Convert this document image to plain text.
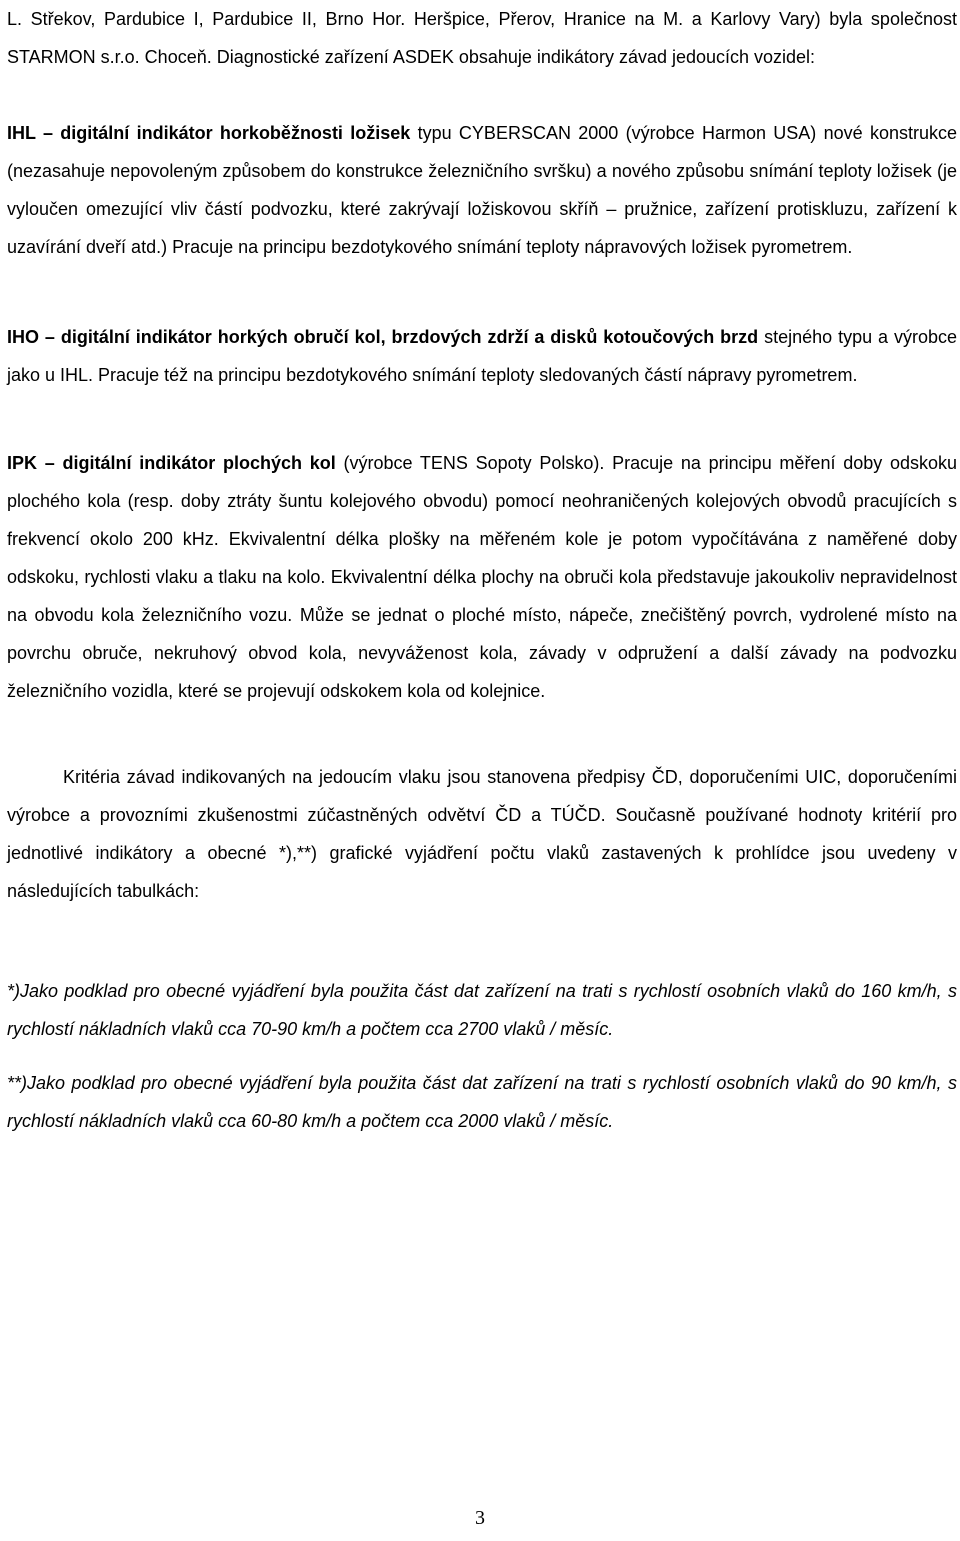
L. Střekov, Pardubice I, Pardubice II, Brno Hor. Heršpice, Přerov, Hranice na M. a Karlovy Vary) byla společnost STARMON s.r.o. Choceň. Diagnostické zařízení ASDEK obsahuje indikátory závad jedoucích vozidel:

IHL – digitální indikátor horkoběžnosti ložisek typu CYBERSCAN 2000 (výrobce Harmon USA) nové konstrukce (nezasahuje nepovoleným způsobem do konstrukce železničního svršku) a nového způsobu snímání teploty ložisek (je vyloučen omezující vliv částí podvozku, které zakrývají ložiskovou skříň – pružnice, zařízení protiskluzu, zařízení k uzavírání dveří atd.) Pracuje na principu bezdotykového snímání teploty nápravových ložisek pyrometrem.

IHO – digitální indikátor horkých obručí kol, brzdových zdrží a disků kotoučových brzd stejného typu a výrobce jako u IHL. Pracuje též na principu bezdotykového snímání teploty sledovaných částí nápravy pyrometrem.

IPK – digitální indikátor plochých kol (výrobce TENS Sopoty Polsko). Pracuje na principu měření doby odskoku plochého kola (resp. doby ztráty šuntu kolejového obvodu) pomocí neohraničených kolejových obvodů pracujících s frekvencí okolo 200 kHz. Ekvivalentní délka plošky na měřeném kole je potom vypočítávána z naměřené doby odskoku, rychlosti vlaku a tlaku na kolo. Ekvivalentní délka plochy na obruči kola představuje jakoukoliv nepravidelnost na obvodu kola železničního vozu. Může se jednat o ploché místo, nápeče, znečištěný povrch, vydrolené místo na povrchu obruče, nekruhový obvod kola, nevyváženost kola, závady v odpružení a další závady na podvozku železničního vozidla, které se projevují odskokem kola od kolejnice.

Kritéria závad indikovaných na jedoucím vlaku jsou stanovena předpisy ČD, doporučeními UIC, doporučeními výrobce a provozními zkušenostmi zúčastněných odvětví ČD a TÚČD. Současně používané hodnoty kritérií pro jednotlivé indikátory a obecné *),**) grafické vyjádření počtu vlaků zastavených k prohlídce jsou uvedeny v následujících tabulkách:

*)Jako podklad pro obecné vyjádření byla použita část dat zařízení na trati s rychlostí osobních vlaků do 160 km/h, s rychlostí nákladních vlaků cca 70-90 km/h a počtem cca 2700 vlaků / měsíc.

**)Jako podklad pro obecné vyjádření byla použita část dat zařízení na trati s rychlostí osobních vlaků do 90 km/h, s rychlostí nákladních vlaků cca 60-80 km/h a počtem cca 2000 vlaků / měsíc.

3
